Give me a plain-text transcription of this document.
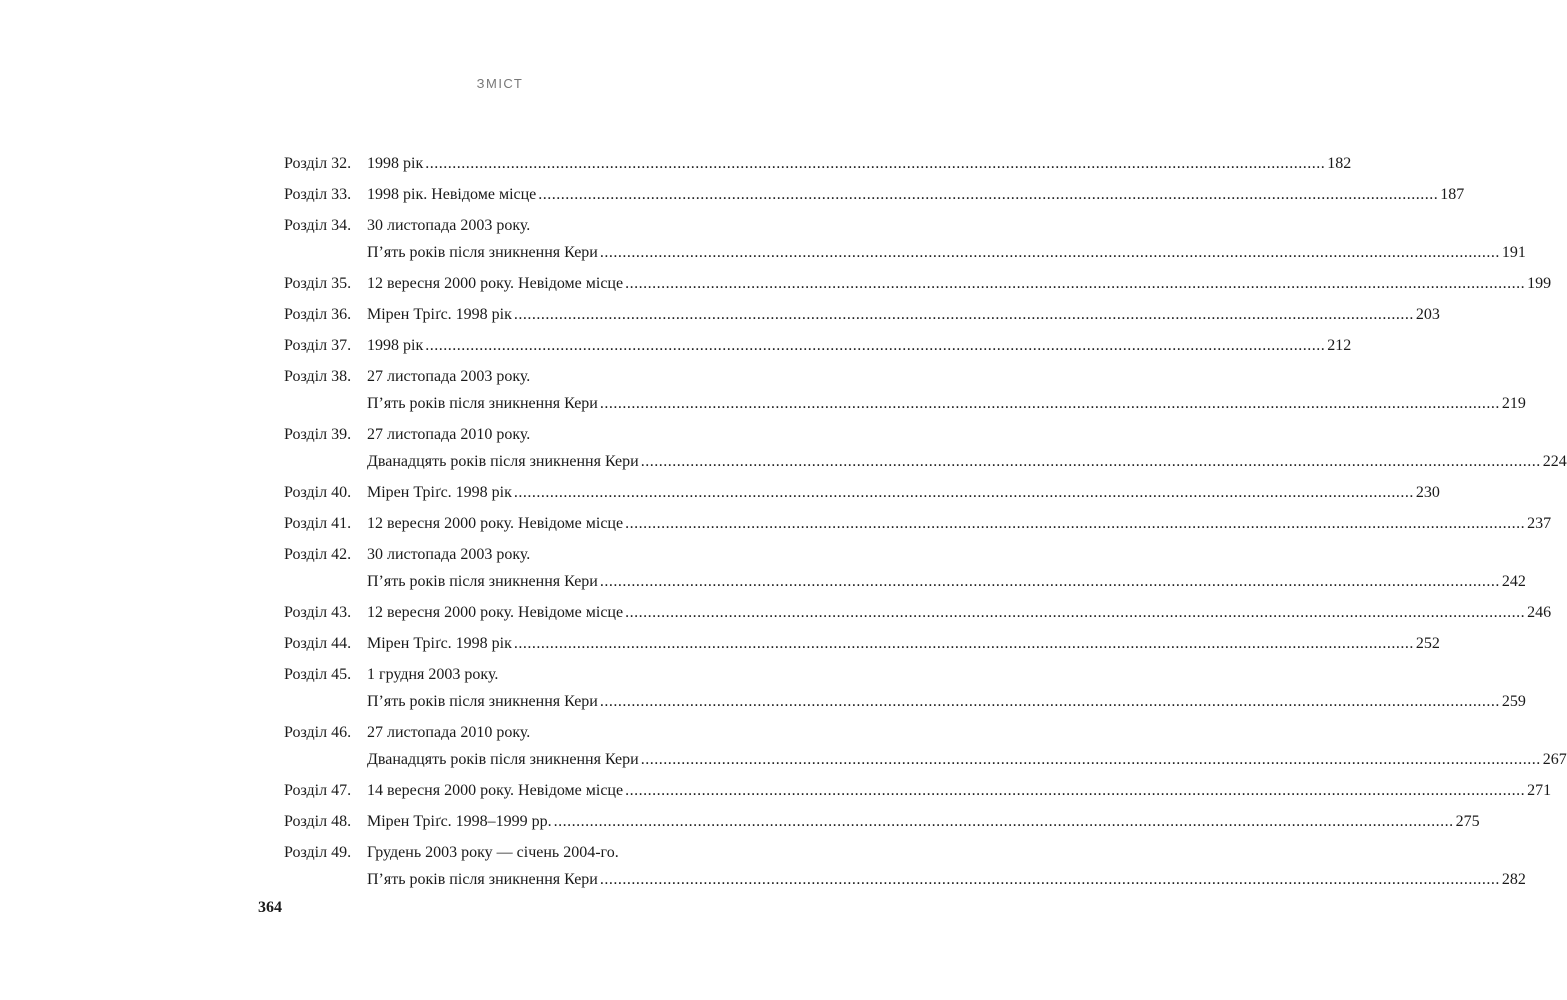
ЗМІСТ
Розділ 32. 1998 рік ........................................................................................................................................................................................................ 182
Розділ 33. 1998 рік. Невідоме місце ........................................................................................................................................................................................................ 187
Розділ 34. 30 листопада 2003 року.
П’ять років після зникнення Кери ........................................................................................................................................................................................................ 191
Розділ 35. 12 вересня 2000 року. Невідоме місце ........................................................................................................................................................................................................ 199
Розділ 36. Мірен Тріґс. 1998 рік ........................................................................................................................................................................................................ 203
Розділ 37. 1998 рік ........................................................................................................................................................................................................ 212
Розділ 38. 27 листопада 2003 року.
П’ять років після зникнення Кери ........................................................................................................................................................................................................ 219
Розділ 39. 27 листопада 2010 року.
Дванадцять років після зникнення Кери ........................................................................................................................................................................................................ 224
Розділ 40. Мірен Тріґс. 1998 рік ........................................................................................................................................................................................................ 230
Розділ 41. 12 вересня 2000 року. Невідоме місце ........................................................................................................................................................................................................ 237
Розділ 42. 30 листопада 2003 року.
П’ять років після зникнення Кери ........................................................................................................................................................................................................ 242
Розділ 43. 12 вересня 2000 року. Невідоме місце ........................................................................................................................................................................................................ 246
Розділ 44. Мірен Тріґс. 1998 рік ........................................................................................................................................................................................................ 252
Розділ 45. 1 грудня 2003 року.
П’ять років після зникнення Кери ........................................................................................................................................................................................................ 259
Розділ 46. 27 листопада 2010 року.
Дванадцять років після зникнення Кери ........................................................................................................................................................................................................ 267
Розділ 47. 14 вересня 2000 року. Невідоме місце ........................................................................................................................................................................................................ 271
Розділ 48. Мірен Тріґс. 1998–1999 рр. ........................................................................................................................................................................................................ 275
Розділ 49. Грудень 2003 року — січень 2004-го.
П’ять років після зникнення Кери ........................................................................................................................................................................................................ 282
364
